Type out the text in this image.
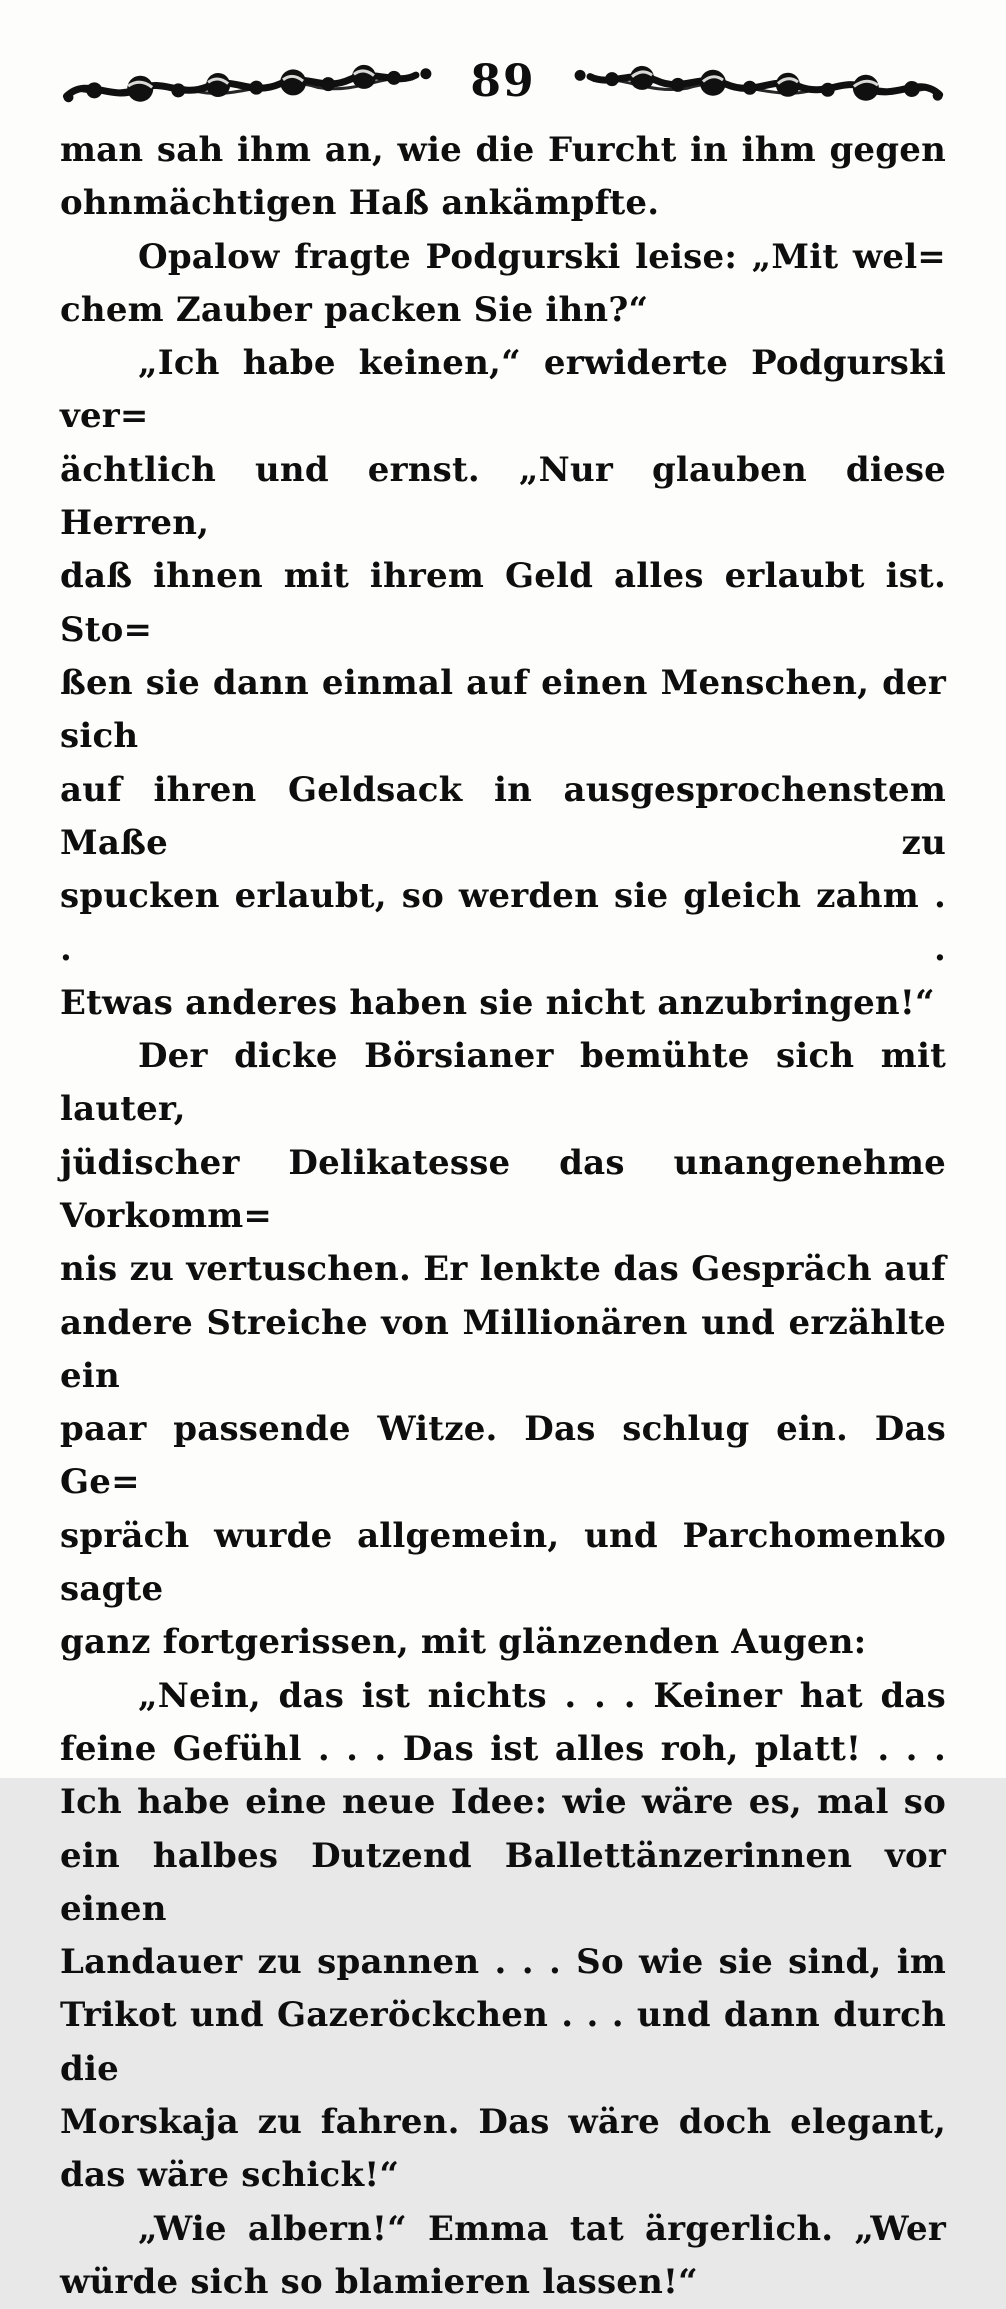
89
man sah ihm an, wie die Furcht in ihm gegen
ohnmächtigen Haß ankämpfte.
Opalow fragte Podgurski leise: „Mit wel=
chem Zauber packen Sie ihn?“
„Ich habe keinen,“ erwiderte Podgurski ver=
ächtlich und ernst. „Nur glauben diese Herren,
daß ihnen mit ihrem Geld alles erlaubt ist. Sto=
ßen sie dann einmal auf einen Menschen, der sich
auf ihren Geldsack in ausgesprochenstem Maße zu
spucken erlaubt, so werden sie gleich zahm . . .
Etwas anderes haben sie nicht anzubringen!“
Der dicke Börsianer bemühte sich mit lauter,
jüdischer Delikatesse das unangenehme Vorkomm=
nis zu vertuschen. Er lenkte das Gespräch auf
andere Streiche von Millionären und erzählte ein
paar passende Witze. Das schlug ein. Das Ge=
spräch wurde allgemein, und Parchomenko sagte
ganz fortgerissen, mit glänzenden Augen:
„Nein, das ist nichts . . . Keiner hat das
feine Gefühl . . . Das ist alles roh, platt! . . .
Ich habe eine neue Idee: wie wäre es, mal so
ein halbes Dutzend Ballettänzerinnen vor einen
Landauer zu spannen . . . So wie sie sind, im
Trikot und Gazeröckchen . . . und dann durch die
Morskaja zu fahren. Das wäre doch elegant,
das wäre schick!“
„Wie albern!“ Emma tat ärgerlich. „Wer
würde sich so blamieren lassen!“
